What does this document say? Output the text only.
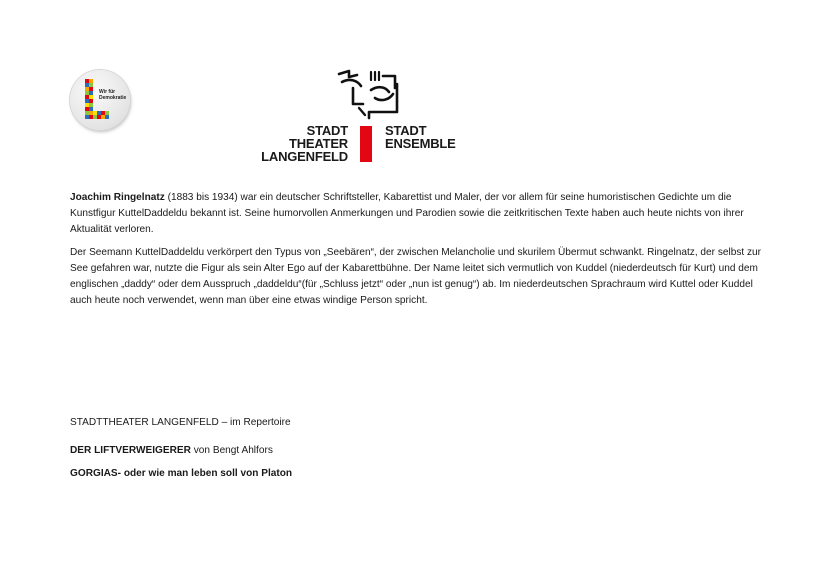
Wir für
Demokratie
STADT
THEATER
LANGENFELD
STADT
ENSEMBLE

Joachim Ringelnatz (1883 bis 1934) war ein deutscher Schriftsteller, Kabarettist und Maler, der vor allem für seine humoristischen Gedichte um die Kunstfigur KuttelDaddeldu bekannt ist. Seine humorvollen Anmerkungen und Parodien sowie die zeitkritischen Texte haben auch heute nichts von ihrer Aktualität verloren.

Der Seemann KuttelDaddeldu verkörpert den Typus von „Seebären“, der zwischen Melancholie und skurilem Übermut schwankt. Ringelnatz, der selbst zur See gefahren war, nutzte die Figur als sein Alter Ego auf der Kabarettbühne. Der Name leitet sich vermutlich von Kuddel (niederdeutsch für Kurt) und dem englischen „daddy“ oder dem Ausspruch „daddeldu“(für „Schluss jetzt“ oder „nun ist genug“) ab. Im niederdeutschen Sprachraum wird Kuttel oder Kuddel auch heute noch verwendet, wenn man über eine etwas windige Person spricht.

STADTTHEATER LANGENFELD – im Repertoire

DER LIFTVERWEIGERER von Bengt Ahlfors

GORGIAS- oder wie man leben soll von Platon
